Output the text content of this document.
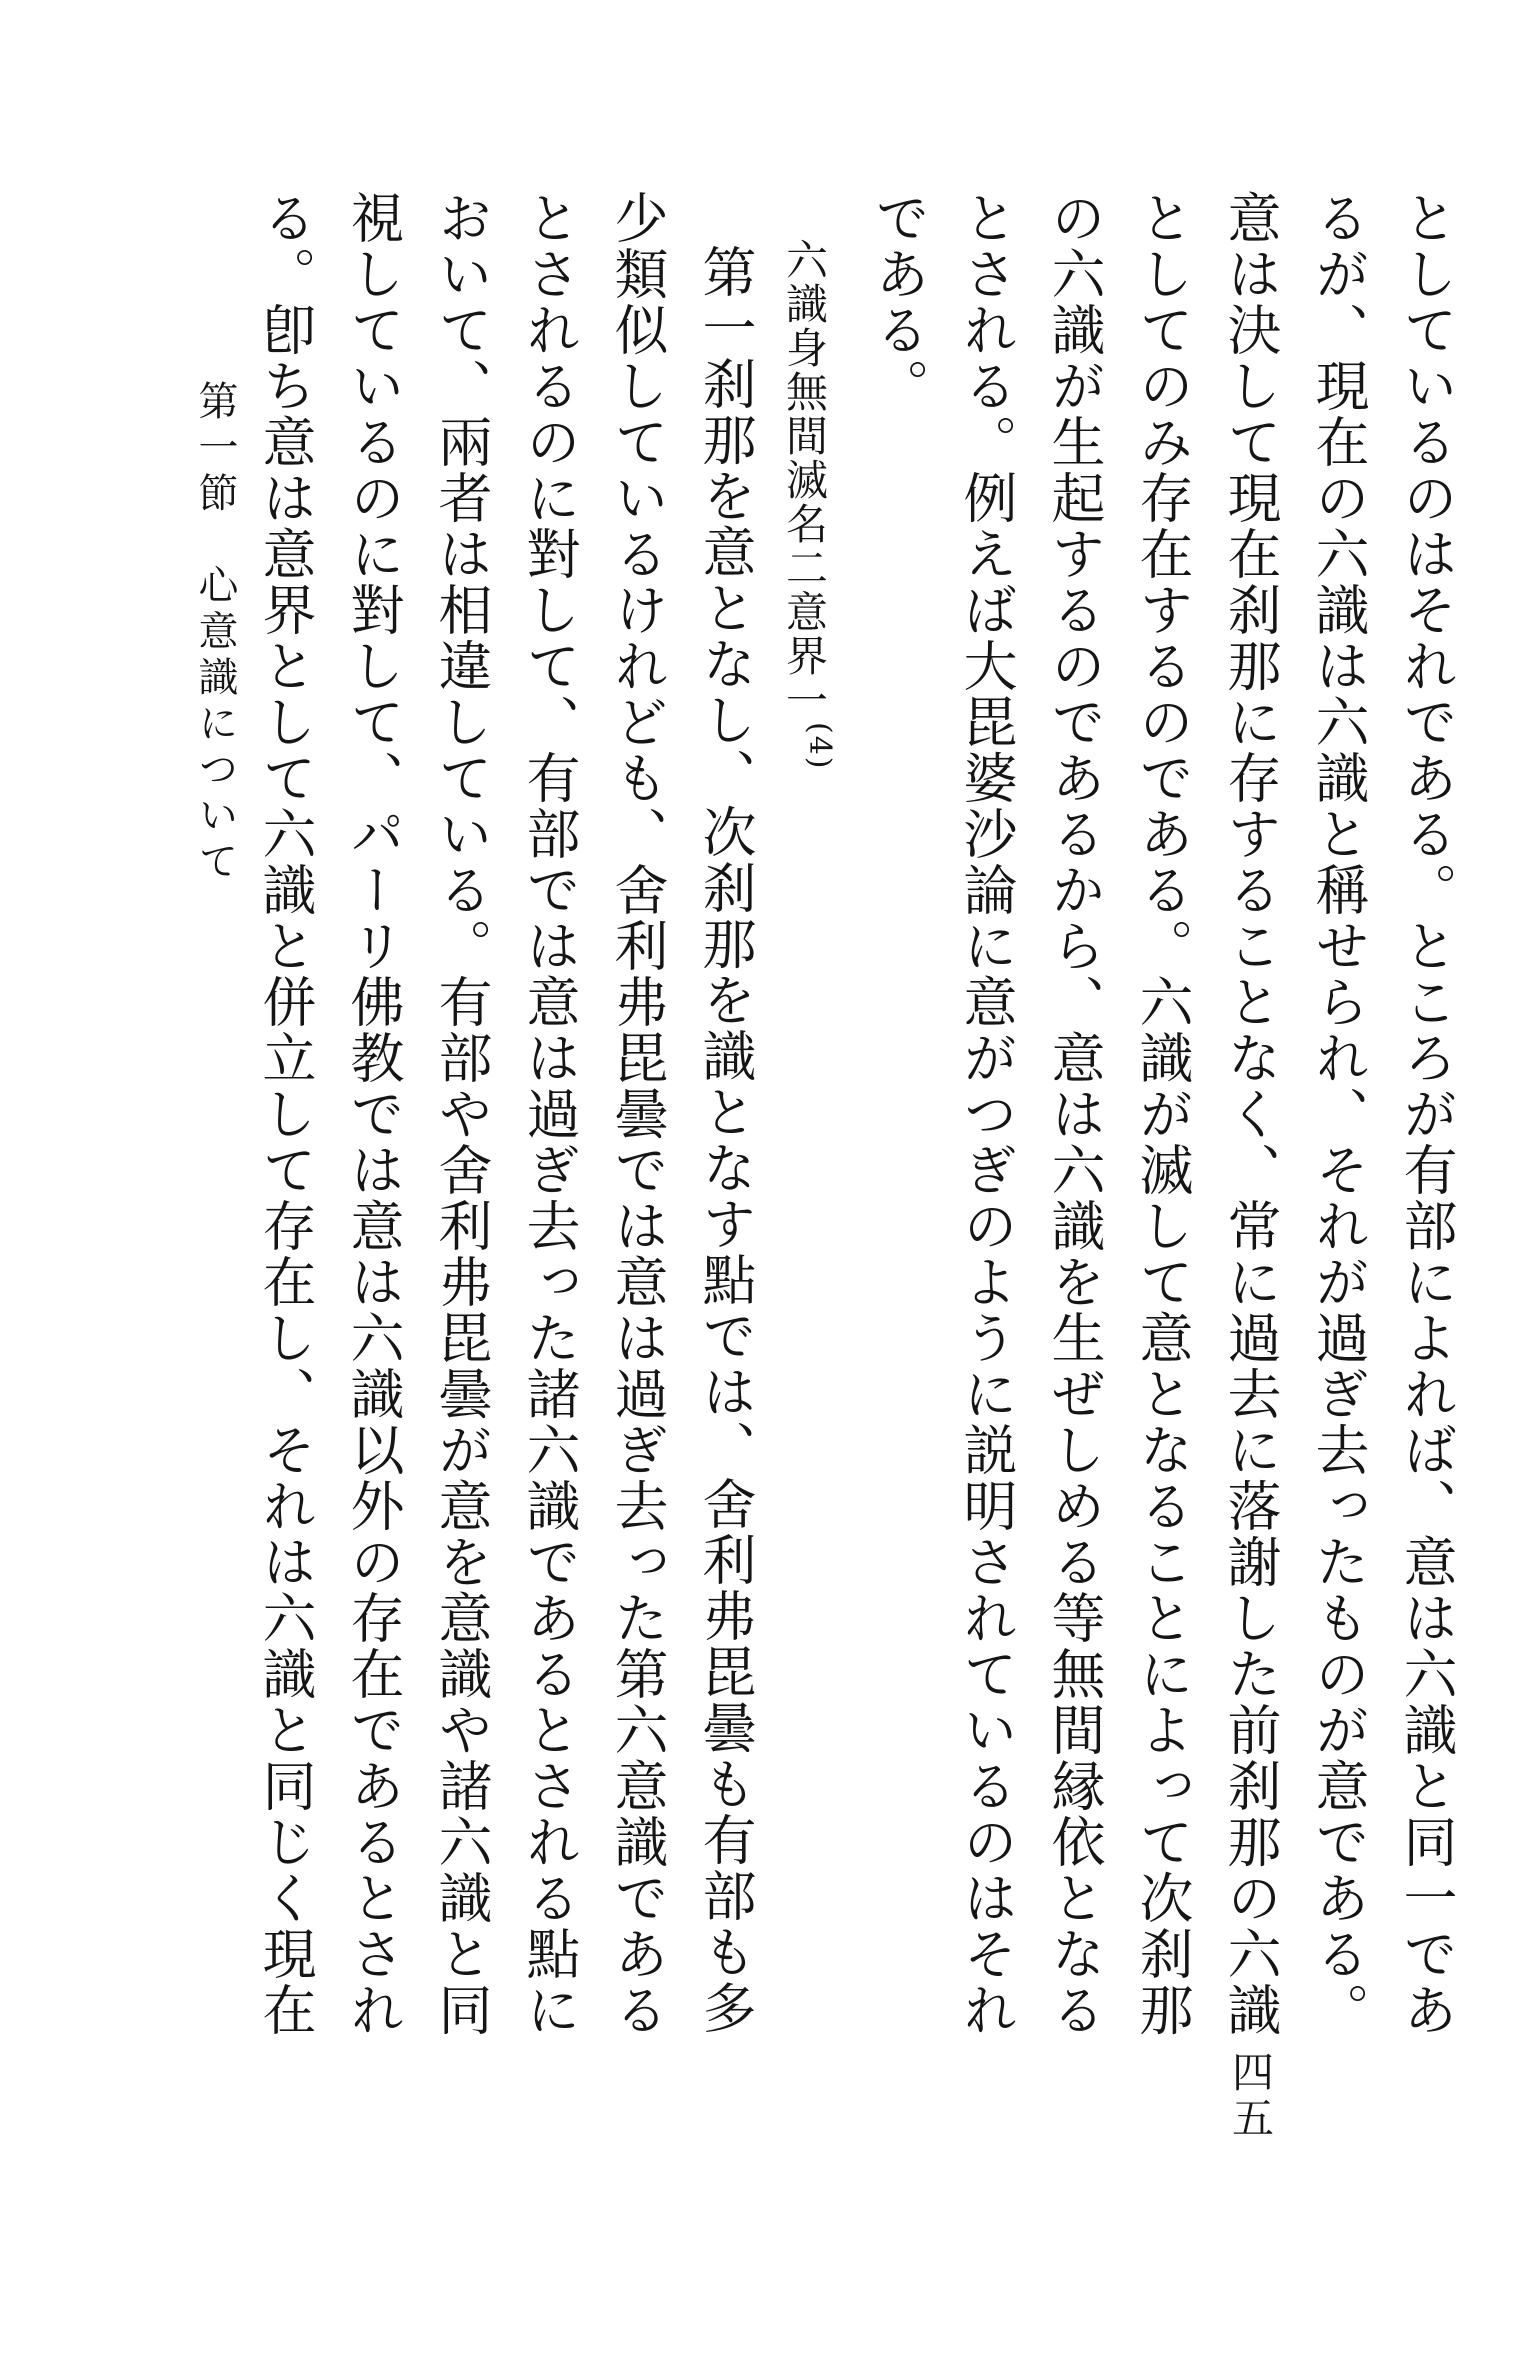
としているのはそれである。ところが有部によれば、意は六識と同一であるが、現在の六識は六識と稱せられ、それが過ぎ去ったものが意である。意は決して現在刹那に存することなく、常に過去に落謝した前刹那の六識としてのみ存在するのである。六識が滅して意となることによって次刹那の六識が生起するのであるから、意は六識を生ぜしめる等無間縁依となるとされる。例えば大毘婆沙論に意がつぎのように説明されているのはそれである。

六識身無間滅名二意界一$^{(4)}$

第一刹那を意となし、次刹那を識となす點では、舍利弗毘曇も有部も多少類似しているけれども、舍利弗毘曇では意は過ぎ去った第六意識であるとされるのに對して、有部では意は過ぎ去った諸六識であるとされる點において、兩者は相違している。有部や舍利弗毘曇が意を意識や諸六識と同視しているのに對して、パーリ佛教では意は六識以外の存在であるとされる。卽ち意は意界として六識と併立して存在し、それは六識と同じく現在

第一節　心意識について
四五
